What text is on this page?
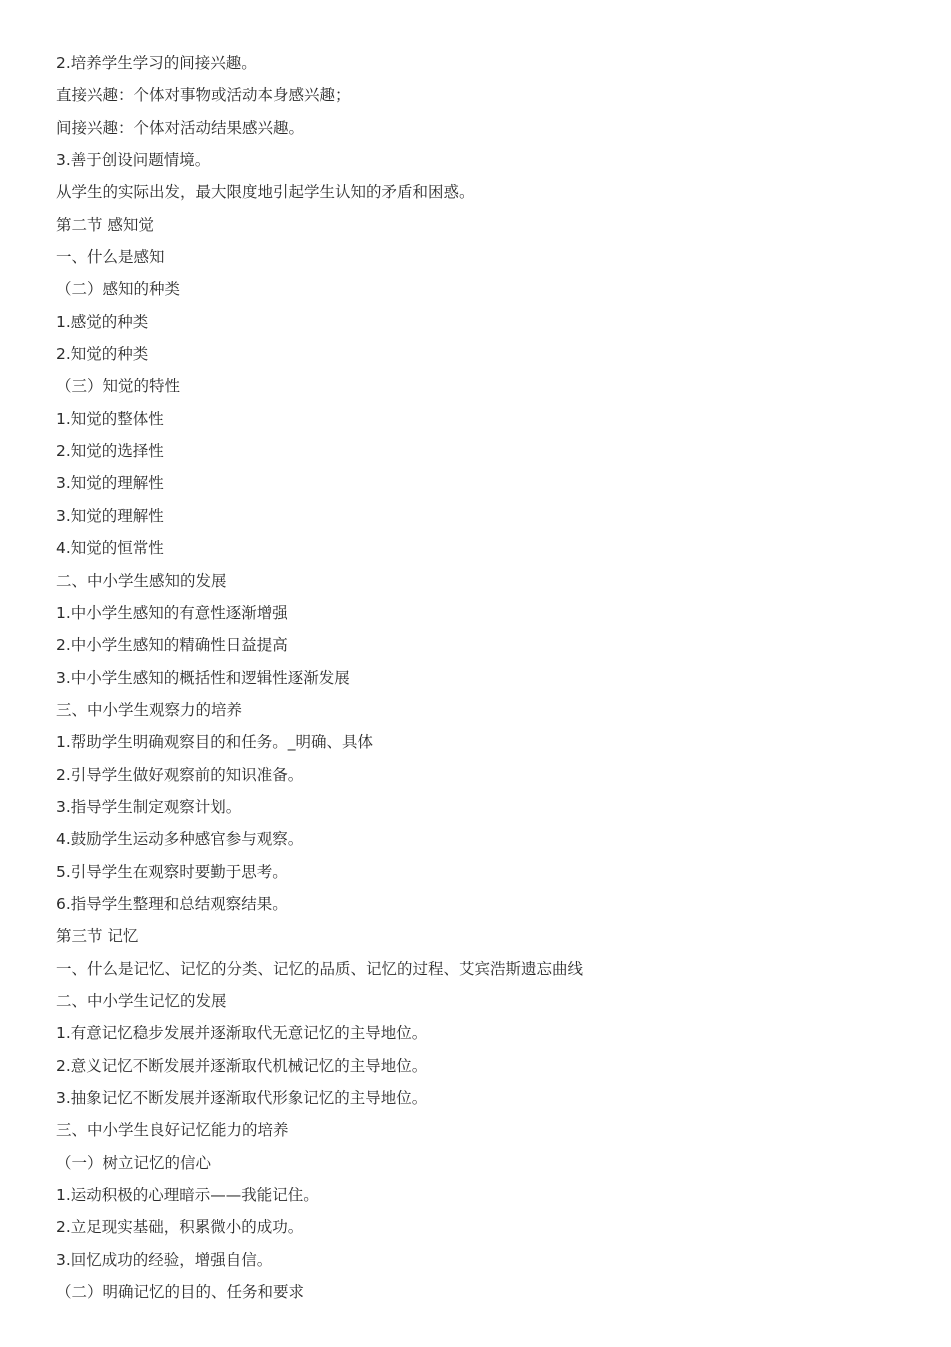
2.培养学生学习的间接兴趣。
直接兴趣：个体对事物或活动本身感兴趣；
间接兴趣：个体对活动结果感兴趣。
3.善于创设问题情境。
从学生的实际出发，最大限度地引起学生认知的矛盾和困惑。
第二节 感知觉
一、什么是感知
（二）感知的种类
1.感觉的种类
2.知觉的种类
（三）知觉的特性
1.知觉的整体性
2.知觉的选择性
3.知觉的理解性
3.知觉的理解性
4.知觉的恒常性
二、中小学生感知的发展
1.中小学生感知的有意性逐渐增强
2.中小学生感知的精确性日益提高
3.中小学生感知的概括性和逻辑性逐渐发展
三、中小学生观察力的培养
1.帮助学生明确观察目的和任务。_明确、具体
2.引导学生做好观察前的知识准备。
3.指导学生制定观察计划。
4.鼓励学生运动多种感官参与观察。
5.引导学生在观察时要勤于思考。
6.指导学生整理和总结观察结果。
第三节 记忆
一、什么是记忆、记忆的分类、记忆的品质、记忆的过程、艾宾浩斯遗忘曲线
二、中小学生记忆的发展
1.有意记忆稳步发展并逐渐取代无意记忆的主导地位。
2.意义记忆不断发展并逐渐取代机械记忆的主导地位。
3.抽象记忆不断发展并逐渐取代形象记忆的主导地位。
三、中小学生良好记忆能力的培养
（一）树立记忆的信心
1.运动积极的心理暗示——我能记住。
2.立足现实基础，积累微小的成功。
3.回忆成功的经验，增强自信。
（二）明确记忆的目的、任务和要求
